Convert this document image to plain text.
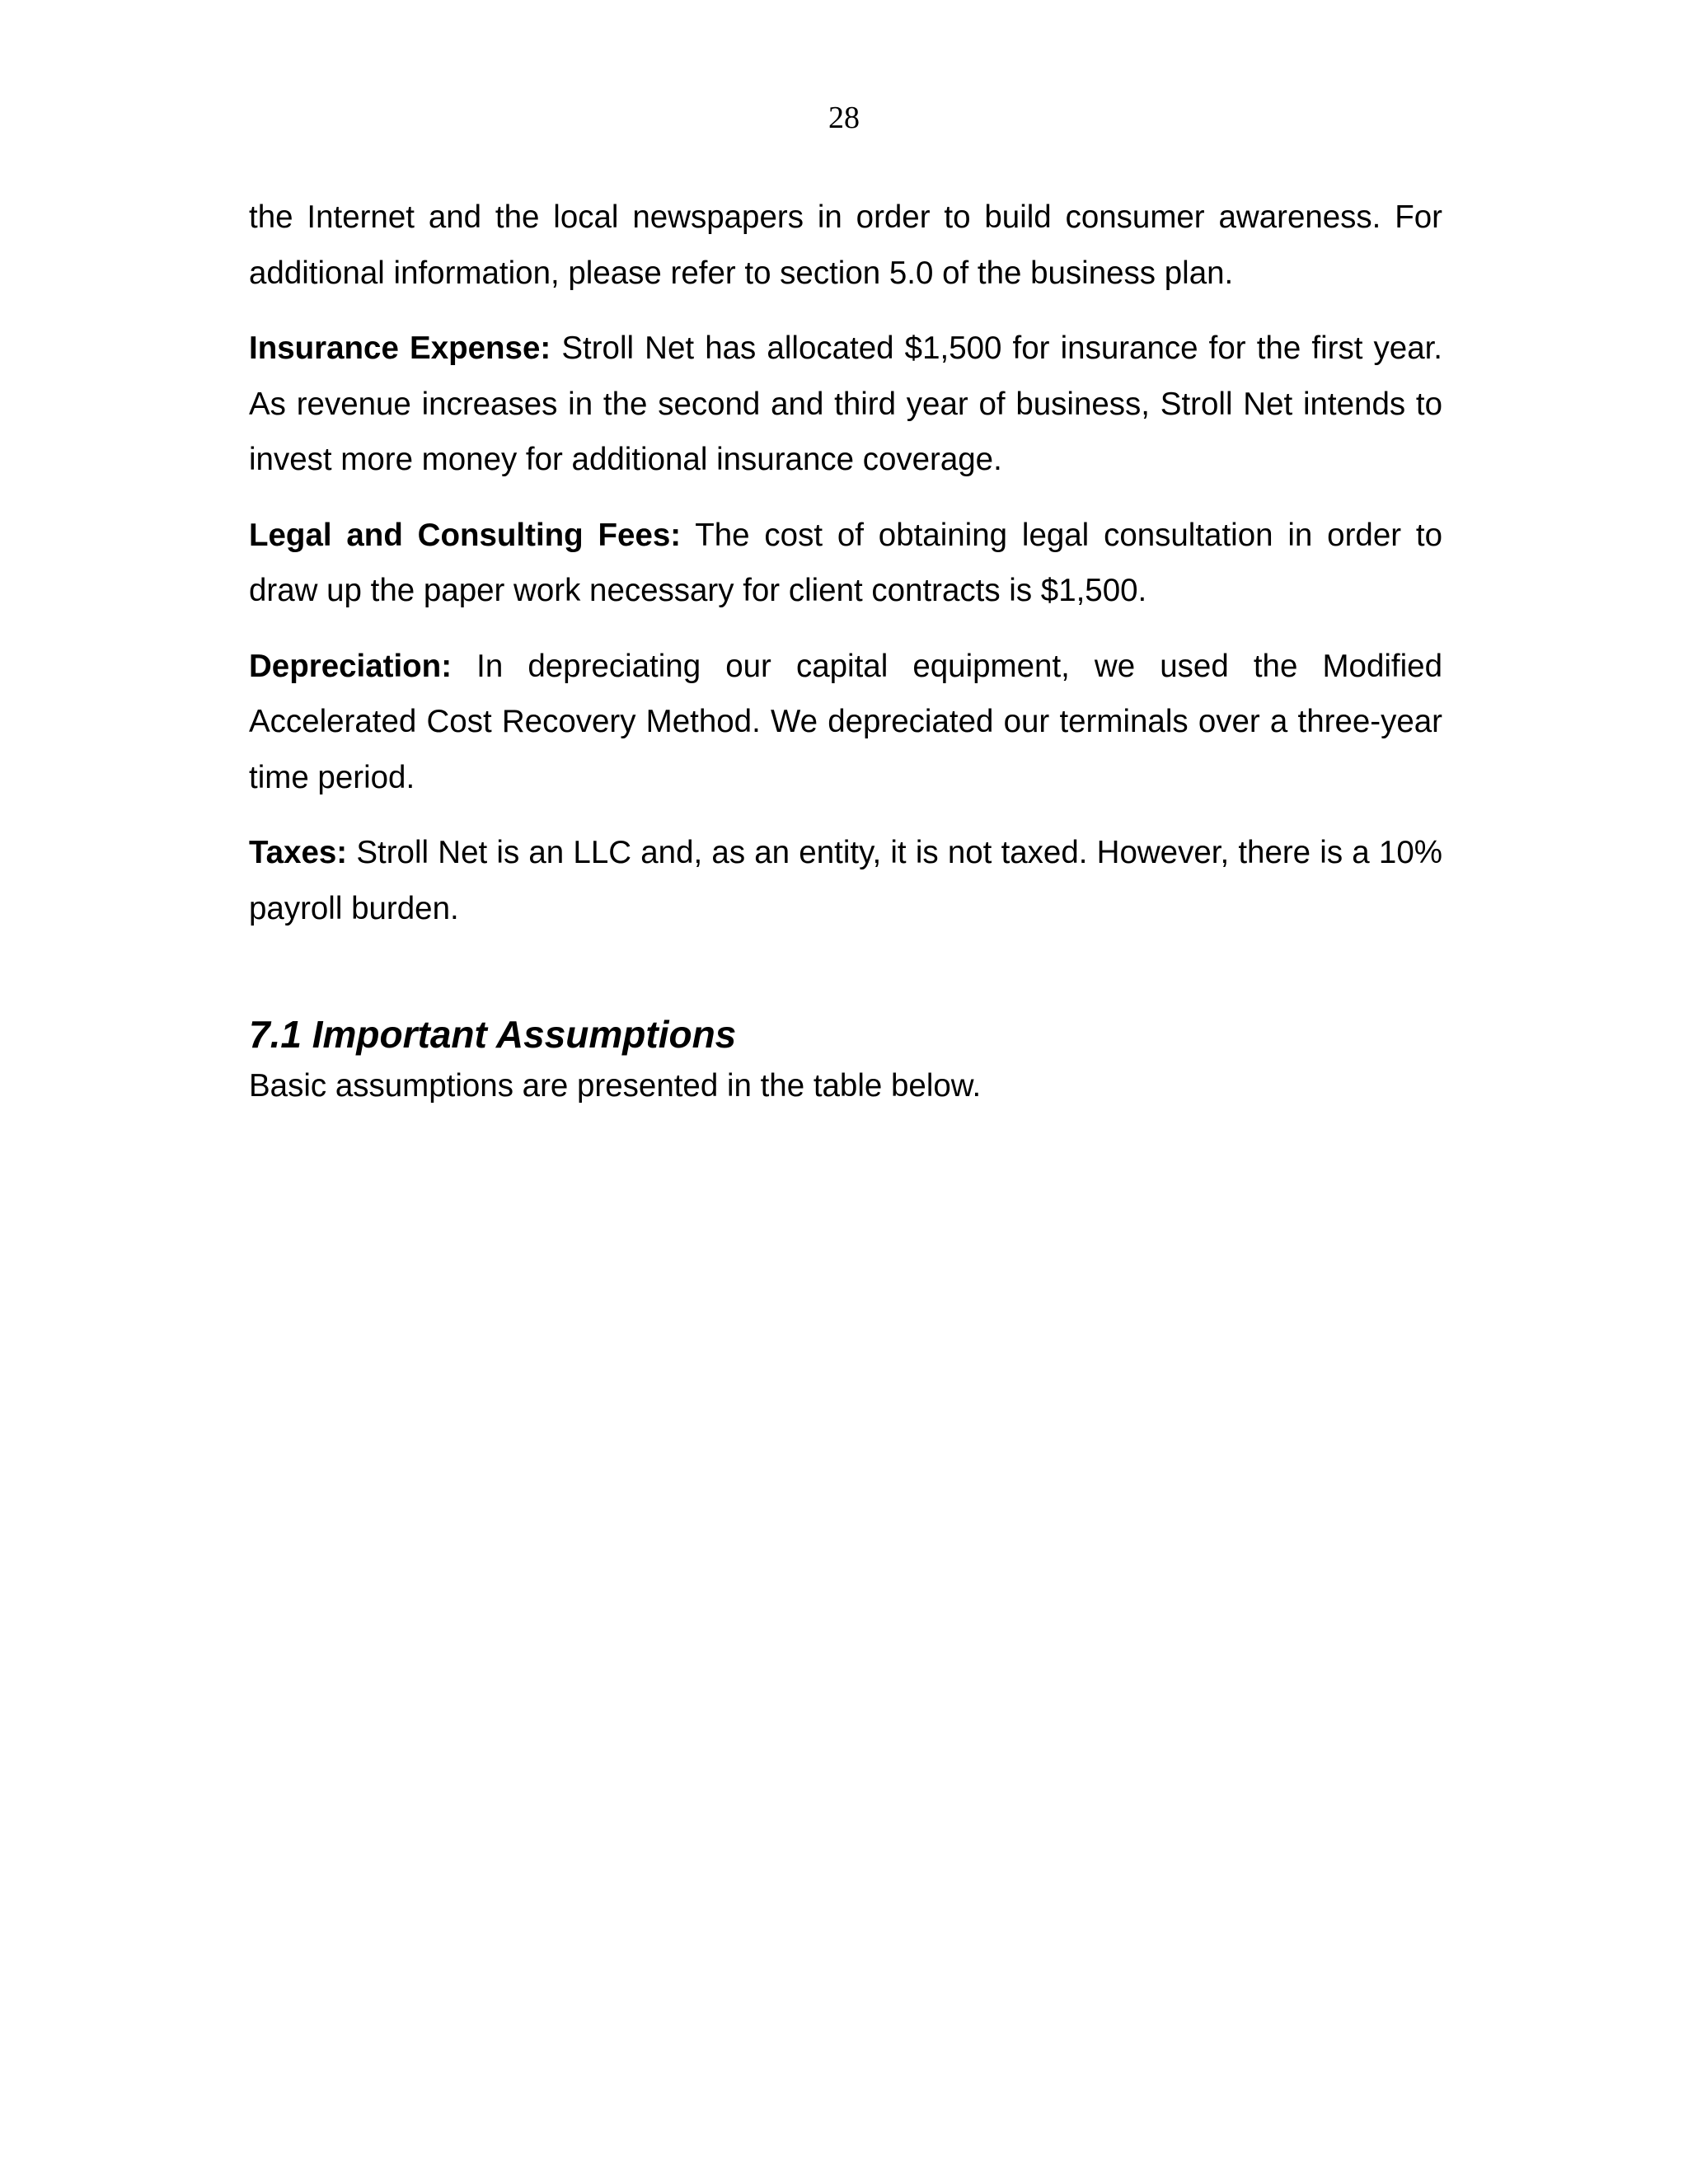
28

the Internet and the local newspapers in order to build consumer awareness. For additional information, please refer to section 5.0 of the business plan.

Insurance Expense: Stroll Net has allocated $1,500 for insurance for the first year. As revenue increases in the second and third year of business, Stroll Net intends to invest more money for additional insurance coverage.

Legal and Consulting Fees: The cost of obtaining legal consultation in order to draw up the paper work necessary for client contracts is $1,500.

Depreciation: In depreciating our capital equipment, we used the Modified Accelerated Cost Recovery Method. We depreciated our terminals over a three-year time period.

Taxes: Stroll Net is an LLC and, as an entity, it is not taxed. However, there is a 10% payroll burden.

7.1 Important Assumptions

Basic assumptions are presented in the table below.
